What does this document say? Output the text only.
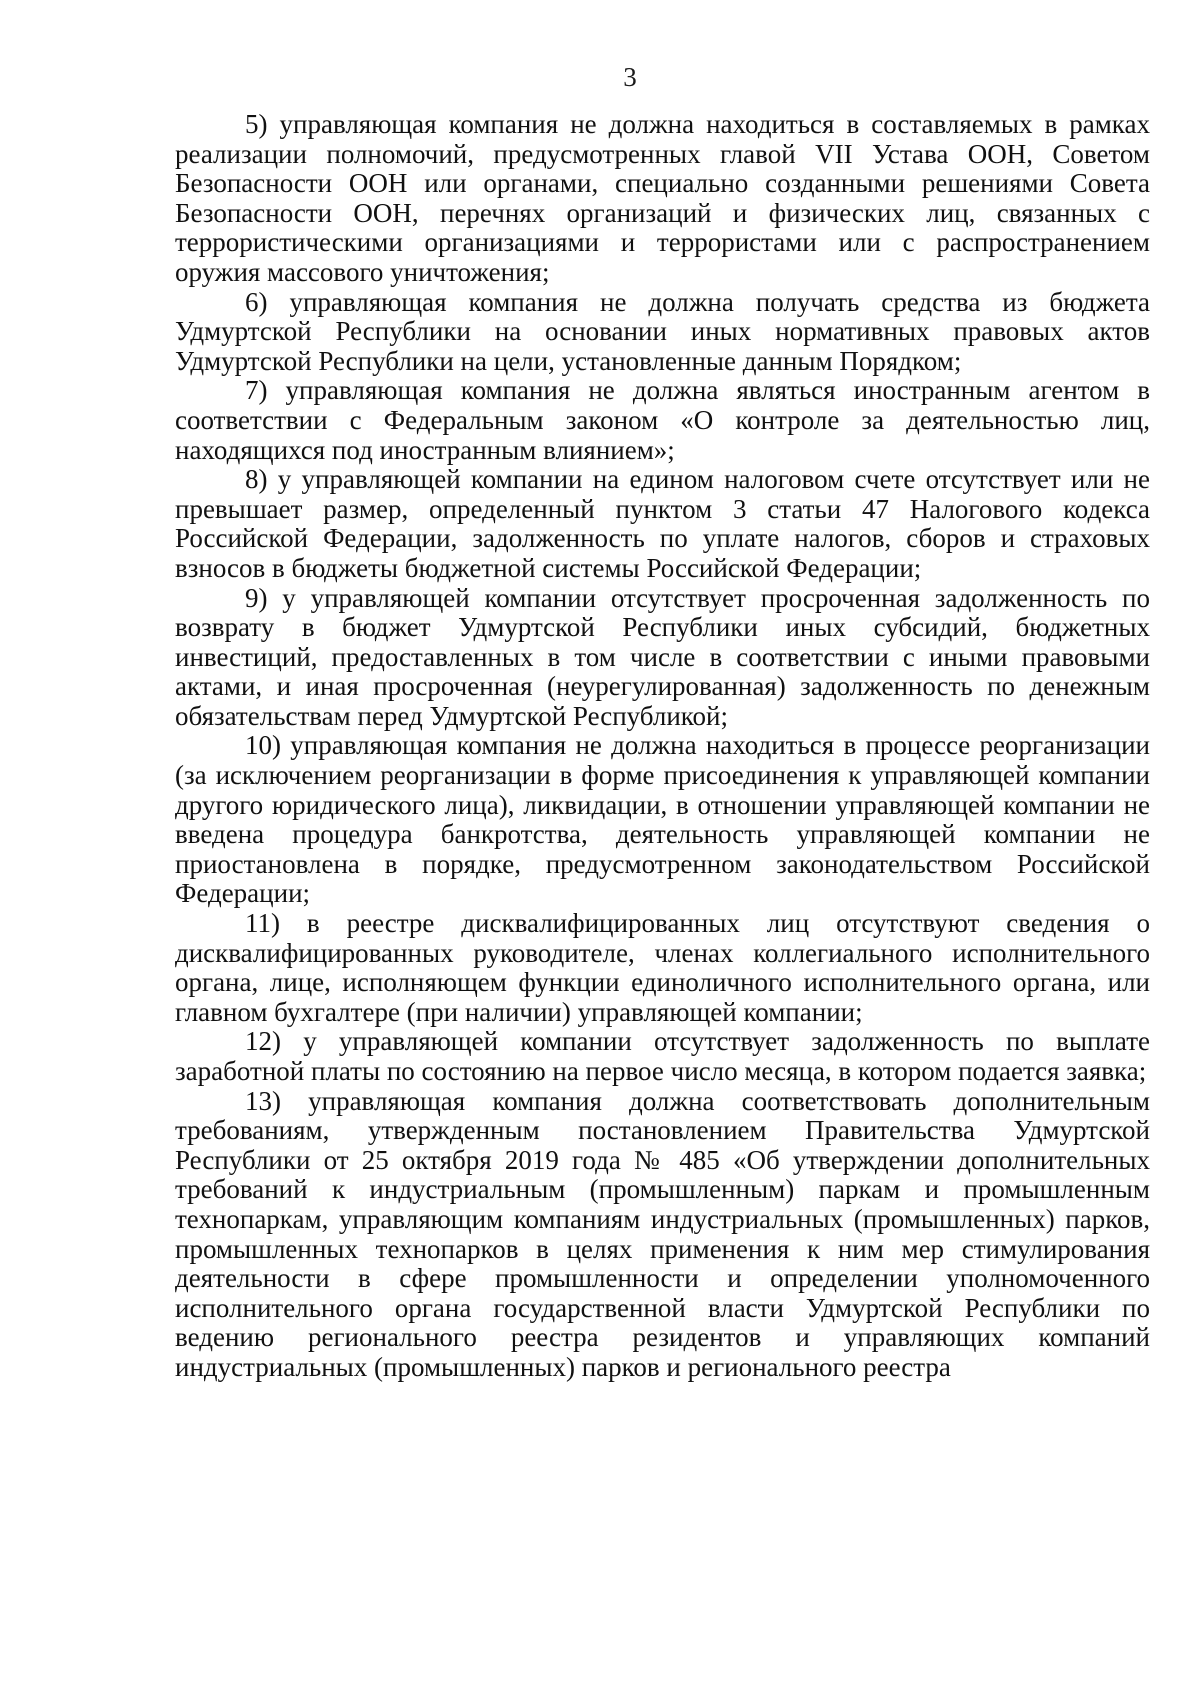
3

5) управляющая компания не должна находиться в составляемых в рамках реализации полномочий, предусмотренных главой VII Устава ООН, Советом Безопасности ООН или органами, специально созданными решениями Совета Безопасности ООН, перечнях организаций и физических лиц, связанных с террористическими организациями и террористами или с распространением оружия массового уничтожения;

6) управляющая компания не должна получать средства из бюджета Удмуртской Республики на основании иных нормативных правовых актов Удмуртской Республики на цели, установленные данным Порядком;

7) управляющая компания не должна являться иностранным агентом в соответствии с Федеральным законом «О контроле за деятельностью лиц, находящихся под иностранным влиянием»;

8) у управляющей компании на едином налоговом счете отсутствует или не превышает размер, определенный пунктом 3 статьи 47 Налогового кодекса Российской Федерации, задолженность по уплате налогов, сборов и страховых взносов в бюджеты бюджетной системы Российской Федерации;

9) у управляющей компании отсутствует просроченная задолженность по возврату в бюджет Удмуртской Республики иных субсидий, бюджетных инвестиций, предоставленных в том числе в соответствии с иными правовыми актами, и иная просроченная (неурегулированная) задолженность по денежным обязательствам перед Удмуртской Республикой;

10) управляющая компания не должна находиться в процессе реорганизации (за исключением реорганизации в форме присоединения к управляющей компании другого юридического лица), ликвидации, в отношении управляющей компании не введена процедура банкротства, деятельность управляющей компании не приостановлена в порядке, предусмотренном законодательством Российской Федерации;

11) в реестре дисквалифицированных лиц отсутствуют сведения о дисквалифицированных руководителе, членах коллегиального исполнительного органа, лице, исполняющем функции единоличного исполнительного органа, или главном бухгалтере (при наличии) управляющей компании;

12) у управляющей компании отсутствует задолженность по выплате заработной платы по состоянию на первое число месяца, в котором подается заявка;

13) управляющая компания должна соответствовать дополнительным требованиям, утвержденным постановлением Правительства Удмуртской Республики от 25 октября 2019 года № 485 «Об утверждении дополнительных требований к индустриальным (промышленным) паркам и промышленным технопаркам, управляющим компаниям индустриальных (промышленных) парков, промышленных технопарков в целях применения к ним мер стимулирования деятельности в сфере промышленности и определении уполномоченного исполнительного органа государственной власти Удмуртской Республики по ведению регионального реестра резидентов и управляющих компаний индустриальных (промышленных) парков и регионального реестра
